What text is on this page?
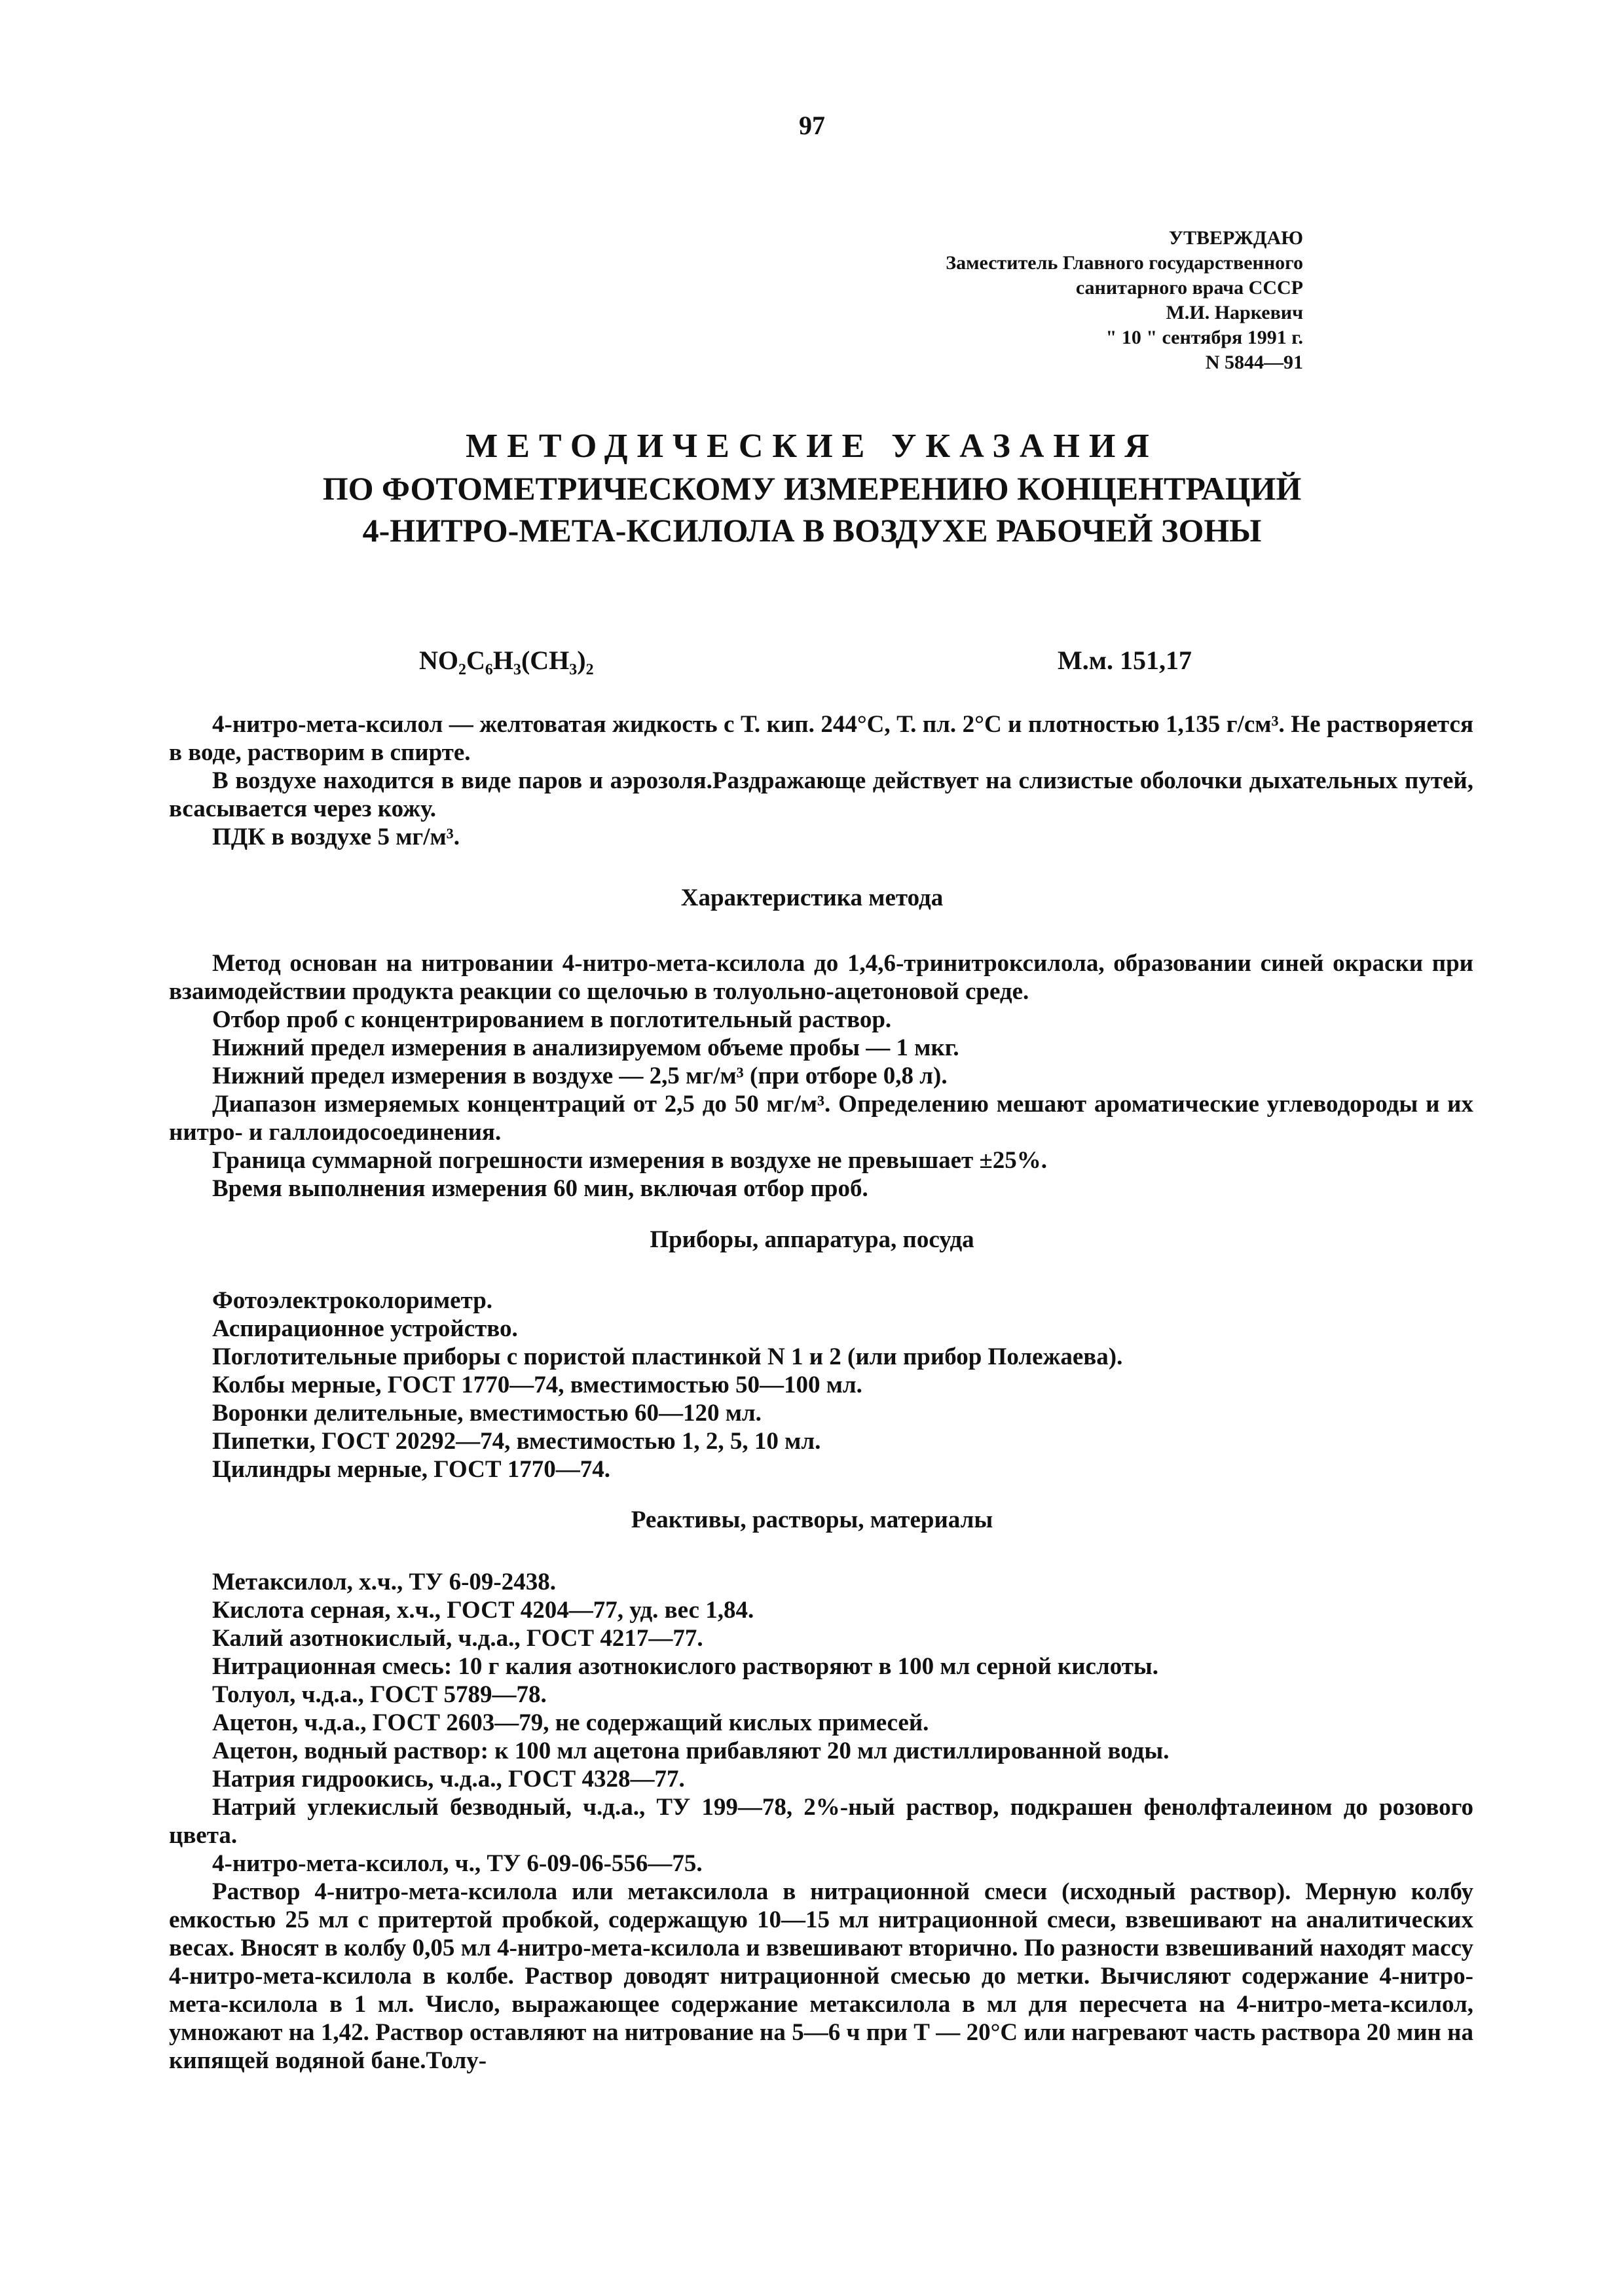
97
УТВЕРЖДАЮ
Заместитель Главного государственного
санитарного врача СССР
М.И. Наркевич
" 10 " сентября 1991 г.
N 5844—91
МЕТОДИЧЕСКИЕ УКАЗАНИЯ
ПО ФОТОМЕТРИЧЕСКОМУ ИЗМЕРЕНИЮ КОНЦЕНТРАЦИЙ
4-НИТРО-МЕТА-КСИЛОЛА В ВОЗДУХЕ РАБОЧЕЙ ЗОНЫ
NO₂C₆H₃(CH₃)₂	М.м. 151,17

4-нитро-мета-ксилол — желтоватая жидкость с Т. кип. 244°С, Т. пл. 2°С и плотностью 1,135 г/см³. Не растворяется в воде, растворим в спирте.

В воздухе находится в виде паров и аэрозоля.Раздражающе действует на слизистые оболочки дыхательных путей, всасывается через кожу.

ПДК в воздухе 5 мг/м³.

Характеристика метода

Метод основан на нитровании 4-нитро-мета-ксилола до 1,4,6-тринитроксилола, образовании синей окраски при взаимодействии продукта реакции со щелочью в толуольно-ацетоновой среде.

Отбор проб с концентрированием в поглотительный раствор.

Нижний предел измерения в анализируемом объеме пробы — 1 мкг.

Нижний предел измерения в воздухе — 2,5 мг/м³ (при отборе 0,8 л).

Диапазон измеряемых концентраций от 2,5 до 50 мг/м³. Определению мешают ароматические углеводороды и их нитро- и галлоидосоединения.

Граница суммарной погрешности измерения в воздухе не превышает ±25%.

Время выполнения измерения 60 мин, включая отбор проб.

Приборы, аппаратура, посуда

Фотоэлектроколориметр.

Аспирационное устройство.

Поглотительные приборы с пористой пластинкой N 1 и 2 (или прибор Полежаева).

Колбы мерные, ГОСТ 1770—74, вместимостью 50—100 мл.

Воронки делительные, вместимостью 60—120 мл.

Пипетки, ГОСТ 20292—74, вместимостью 1, 2, 5, 10 мл.

Цилиндры мерные, ГОСТ 1770—74.

Реактивы, растворы, материалы

Метаксилол, х.ч., ТУ 6-09-2438.

Кислота серная, х.ч., ГОСТ 4204—77, уд. вес 1,84.

Калий азотнокислый, ч.д.а., ГОСТ 4217—77.

Нитрационная смесь: 10 г калия азотнокислого растворяют в 100 мл серной кислоты.

Толуол, ч.д.а., ГОСТ 5789—78.

Ацетон, ч.д.а., ГОСТ 2603—79, не содержащий кислых примесей.

Ацетон, водный раствор: к 100 мл ацетона прибавляют 20 мл дистиллированной воды.

Натрия гидроокись, ч.д.а., ГОСТ 4328—77.

Натрий углекислый безводный, ч.д.а., ТУ 199—78, 2%-ный раствор, подкрашен фенолфталеином до розового цвета.

4-нитро-мета-ксилол, ч., ТУ 6-09-06-556—75.

Раствор 4-нитро-мета-ксилола или метаксилола в нитрационной смеси (исходный раствор). Мерную колбу емкостью 25 мл с притертой пробкой, содержащую 10—15 мл нитрационной смеси, взвешивают на аналитических весах. Вносят в колбу 0,05 мл 4-нитро-мета-ксилола и взвешивают вторично. По разности взвешиваний находят массу 4-нитро-мета-ксилола в колбе. Раствор доводят нитрационной смесью до метки. Вычисляют содержание 4-нитро-мета-ксилола в 1 мл. Число, выражающее содержание метаксилола в мл для пересчета на 4-нитро-мета-ксилол, умножают на 1,42. Раствор оставляют на нитрование на 5—6 ч при Т — 20°С или нагревают часть раствора 20 мин на кипящей водяной бане.Толу-
